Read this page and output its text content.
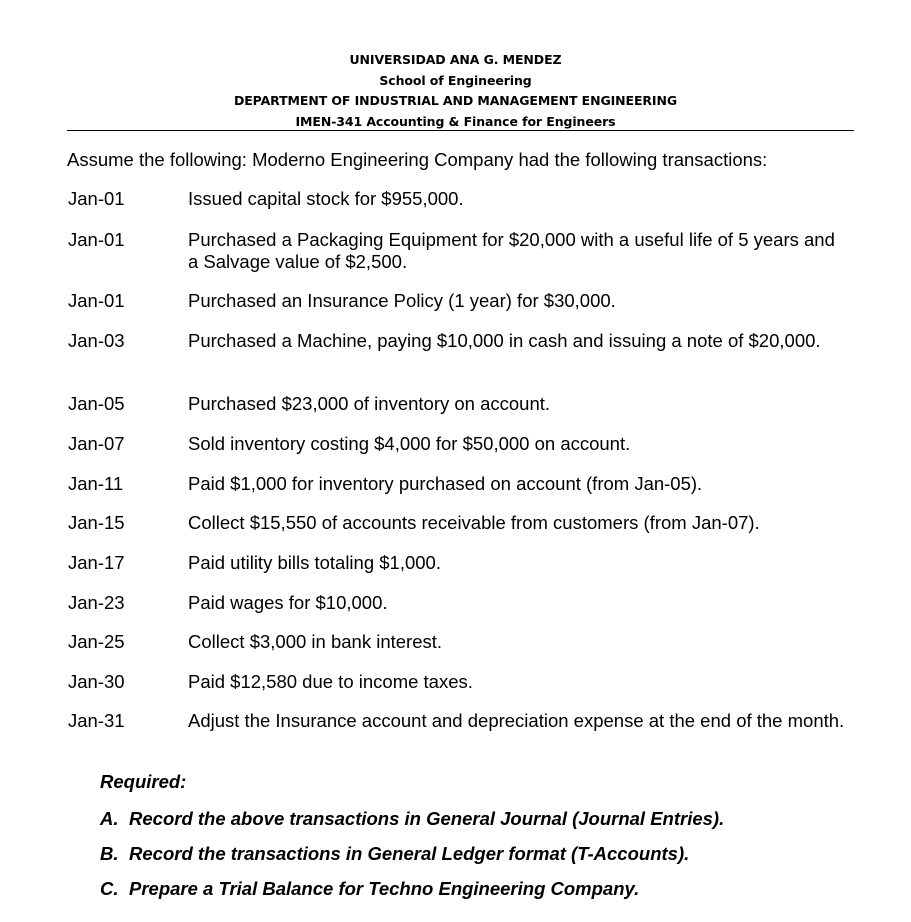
UNIVERSIDAD ANA G. MENDEZ
School of Engineering
DEPARTMENT OF INDUSTRIAL AND MANAGEMENT ENGINEERING
IMEN-341 Accounting & Finance for Engineers
Assume the following: Moderno Engineering Company had the following transactions:
Jan-01	Issued capital stock for $955,000.
Jan-01	Purchased a Packaging Equipment for $20,000 with a useful life of 5 years and a Salvage value of $2,500.
Jan-01	Purchased an Insurance Policy (1 year) for $30,000.
Jan-03	Purchased a Machine, paying $10,000 in cash and issuing a note of $20,000.
Jan-05	Purchased $23,000 of inventory on account.
Jan-07	Sold inventory costing $4,000 for $50,000 on account.
Jan-11	Paid $1,000 for inventory purchased on account (from Jan-05).
Jan-15	Collect $15,550 of accounts receivable from customers (from Jan-07).
Jan-17	Paid utility bills totaling $1,000.
Jan-23	Paid wages for $10,000.
Jan-25	Collect $3,000 in bank interest.
Jan-30	Paid $12,580 due to income taxes.
Jan-31	Adjust the Insurance account and depreciation expense at the end of the month.
Required:
A. Record the above transactions in General Journal (Journal Entries).
B. Record the transactions in General Ledger format (T-Accounts).
C. Prepare a Trial Balance for Techno Engineering Company.
